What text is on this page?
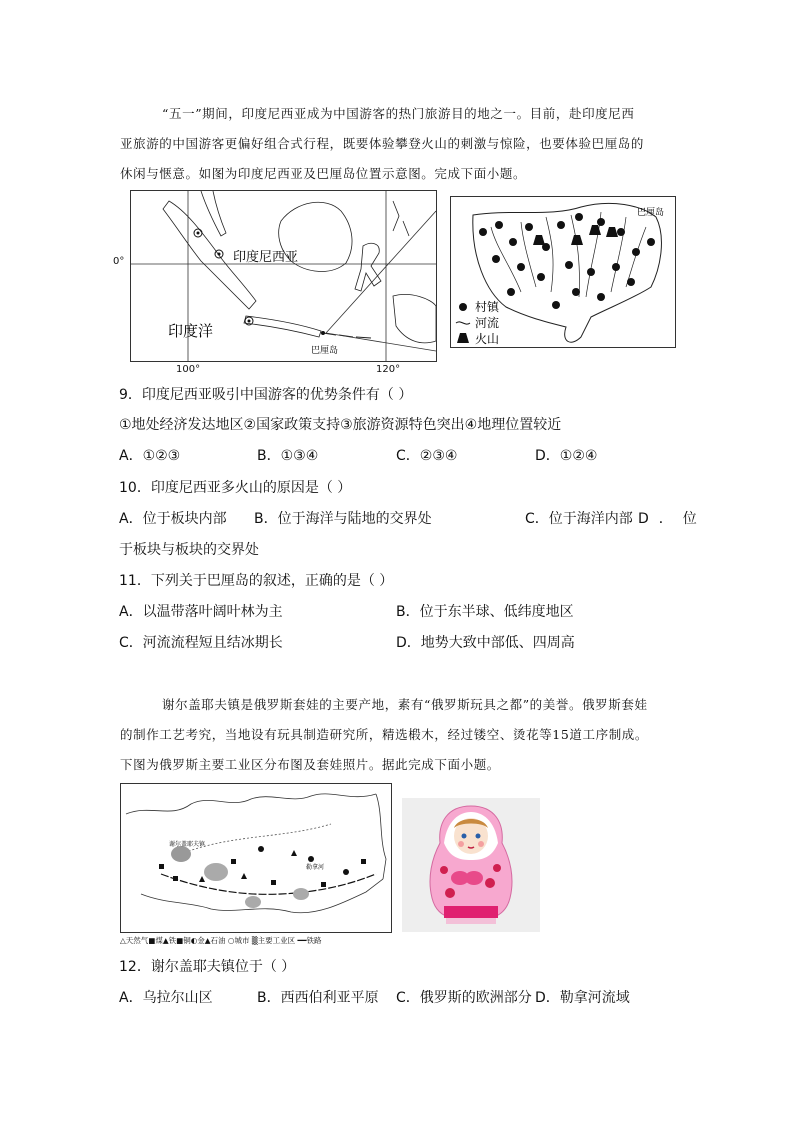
“五一”期间，印度尼西亚成为中国游客的热门旅游目的地之一。目前，赴印度尼西
亚旅游的中国游客更偏好组合式行程，既要体验攀登火山的刺激与惊险，也要体验巴厘岛的
休闲与惬意。如图为印度尼西亚及巴厘岛位置示意图。完成下面小题。
印度尼西亚
印度洋
巴厘岛
0°
100°	120°
巴厘岛
村镇
河流
火山
9．印度尼西亚吸引中国游客的优势条件有（ ）
①地处经济发达地区②国家政策支持③旅游资源特色突出④地理位置较近
A．①②③	B．①③④	C．②③④	D．①②④
10．印度尼西亚多火山的原因是（ ）
A．位于板块内部 B．位于海洋与陆地的交界处	C．位于海洋内部 D．位
于板块与板块的交界处
11．下列关于巴厘岛的叙述，正确的是（ ）
A．以温带落叶阔叶林为主	B．位于东半球、低纬度地区
C．河流流程短且结冰期长	D．地势大致中部低、四周高
谢尔盖耶夫镇是俄罗斯套娃的主要产地，素有“俄罗斯玩具之都”的美誉。俄罗斯套娃
的制作工艺考究，当地设有玩具制造研究所，精选椴木，经过镂空、烫花等15道工序制成。
下图为俄罗斯主要工业区分布图及套娃照片。据此完成下面小题。
谢尔盖耶夫镇
勒拿河
△天然气■煤▲铁■铜◐金▲石油 ○城市 ▒主要工业区 ━━铁路
12．谢尔盖耶夫镇位于（ ）
A．乌拉尔山区	B．西西伯利亚平原 C．俄罗斯的欧洲部分 D．勒拿河流域
